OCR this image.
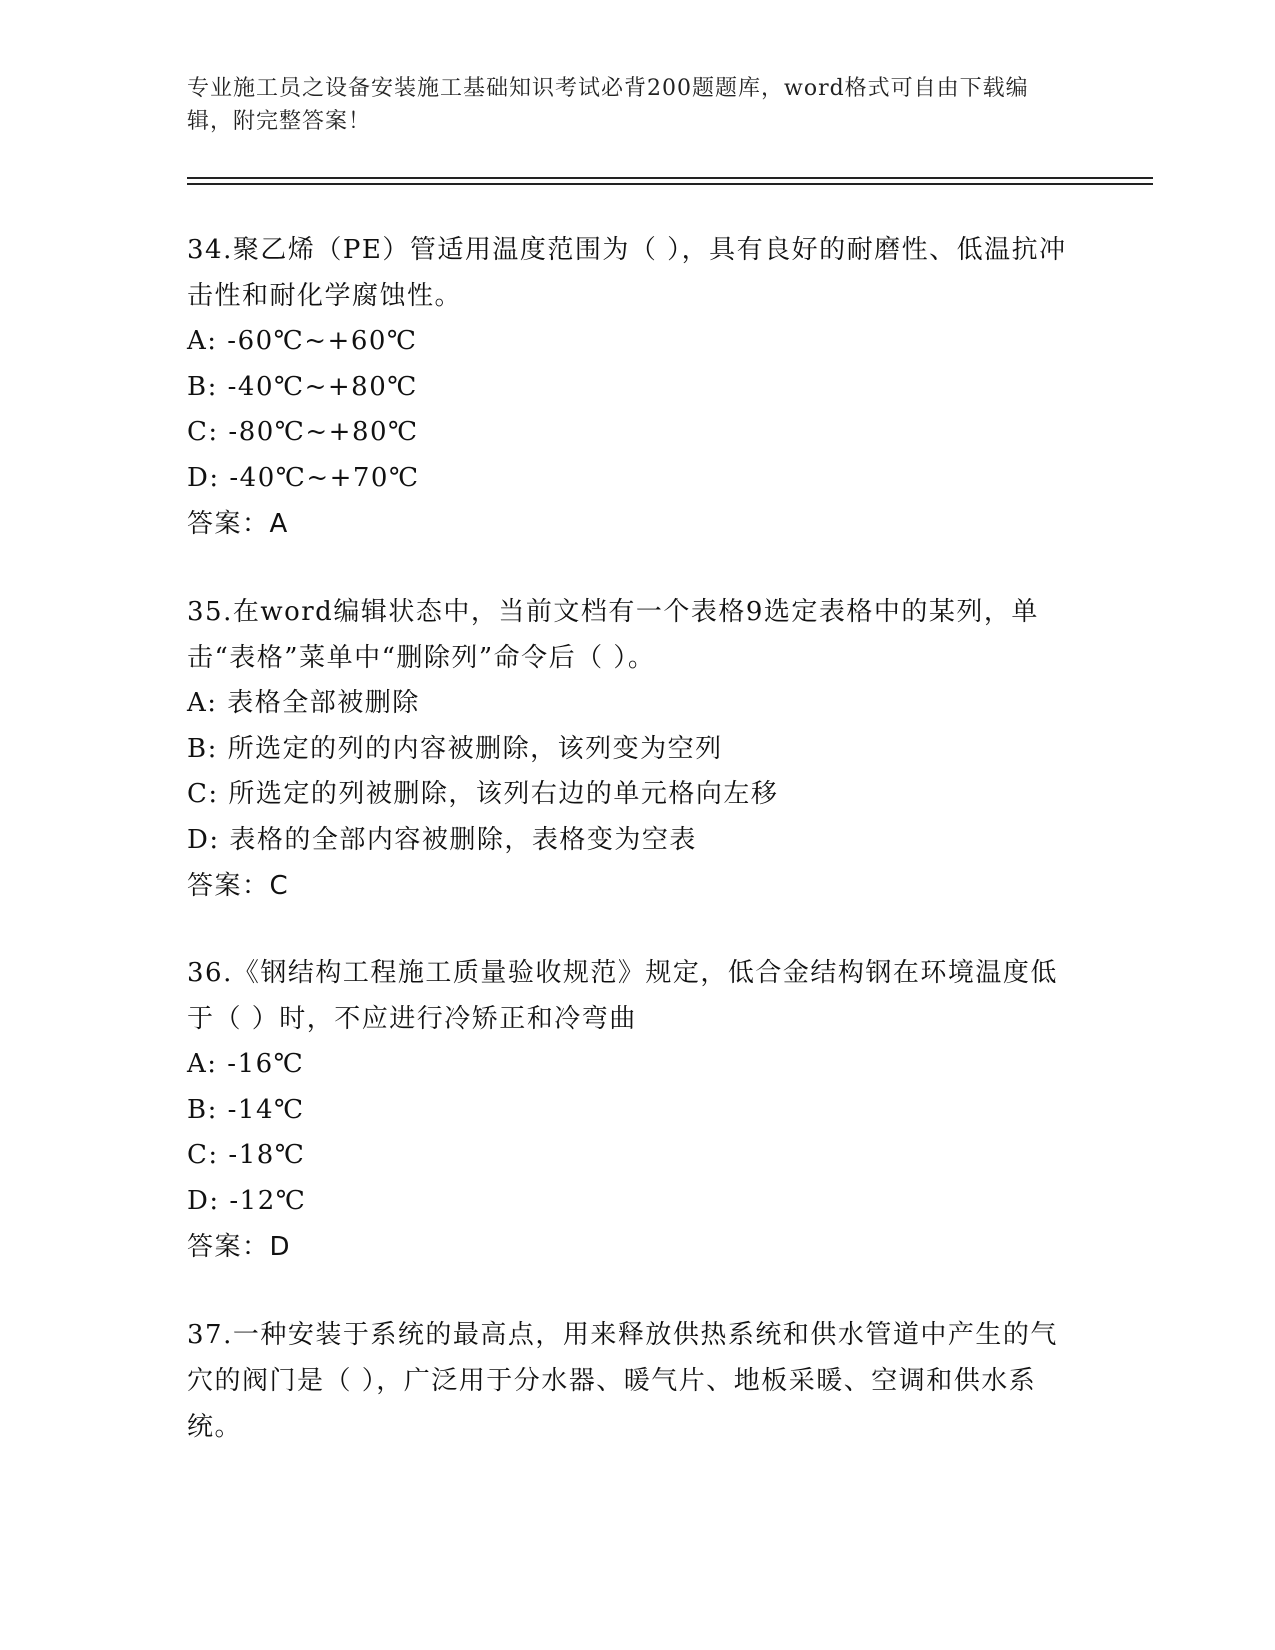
专业施工员之设备安装施工基础知识考试必背200题题库，word格式可自由下载编辑，附完整答案！

34.聚乙烯（PE）管适用温度范围为（ ），具有良好的耐磨性、低温抗冲击性和耐化学腐蚀性。

A: -60℃~+60℃

B: -40℃~+80℃

C: -80℃~+80℃

D: -40℃~+70℃

答案：A

35.在word编辑状态中，当前文档有一个表格9选定表格中的某列，单击“表格”菜单中“删除列”命令后（ ）。

A: 表格全部被删除

B: 所选定的列的内容被删除，该列变为空列

C: 所选定的列被删除，该列右边的单元格向左移

D: 表格的全部内容被删除，表格变为空表

答案：C

36.《钢结构工程施工质量验收规范》规定，低合金结构钢在环境温度低于（ ）时，不应进行冷矫正和冷弯曲

A: -16℃

B: -14℃

C: -18℃

D: -12℃

答案：D

37.一种安装于系统的最高点，用来释放供热系统和供水管道中产生的气穴的阀门是（ ），广泛用于分水器、暖气片、地板采暖、空调和供水系统。
